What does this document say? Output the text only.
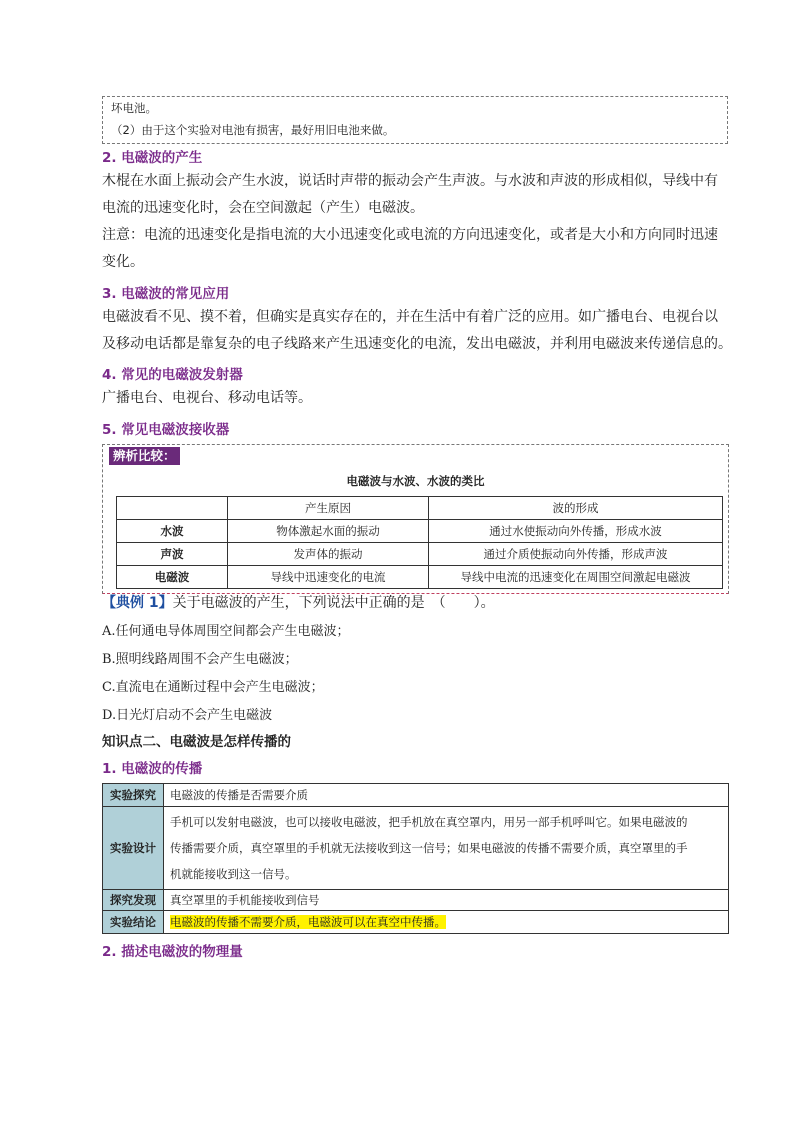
坏电池。
（2）由于这个实验对电池有损害，最好用旧电池来做。
2. 电磁波的产生
木棍在水面上振动会产生水波，说话时声带的振动会产生声波。与水波和声波的形成相似，导线中有
电流的迅速变化时，会在空间激起（产生）电磁波。
注意：电流的迅速变化是指电流的大小迅速变化或电流的方向迅速变化，或者是大小和方向同时迅速
变化。
3. 电磁波的常见应用
电磁波看不见、摸不着，但确实是真实存在的，并在生活中有着广泛的应用。如广播电台、电视台以
及移动电话都是靠复杂的电子线路来产生迅速变化的电流，发出电磁波，并利用电磁波来传递信息的。
4. 常见的电磁波发射器
广播电台、电视台、移动电话等。
5. 常见电磁波接收器
辨析比较：
电磁波与水波、水波的类比
	产生原因	波的形成
水波	物体激起水面的振动	通过水使振动向外传播，形成水波
声波	发声体的振动	通过介质使振动向外传播，形成声波
电磁波	导线中迅速变化的电流	导线中电流的迅速变化在周围空间激起电磁波
【典例 1】关于电磁波的产生，下列说法中正确的是　（　　）。
A.任何通电导体周围空间都会产生电磁波；
B.照明线路周围不会产生电磁波；
C.直流电在通断过程中会产生电磁波；
D.日光灯启动不会产生电磁波
知识点二、电磁波是怎样传播的
1. 电磁波的传播
实验探究	电磁波的传播是否需要介质
实验设计	手机可以发射电磁波，也可以接收电磁波，把手机放在真空罩内，用另一部手机呼叫它。如果电磁波的
传播需要介质，真空罩里的手机就无法接收到这一信号；如果电磁波的传播不需要介质，真空罩里的手
机就能接收到这一信号。

探究发现	真空罩里的手机能接收到信号
实验结论	电磁波的传播不需要介质，电磁波可以在真空中传播。
2. 描述电磁波的物理量
